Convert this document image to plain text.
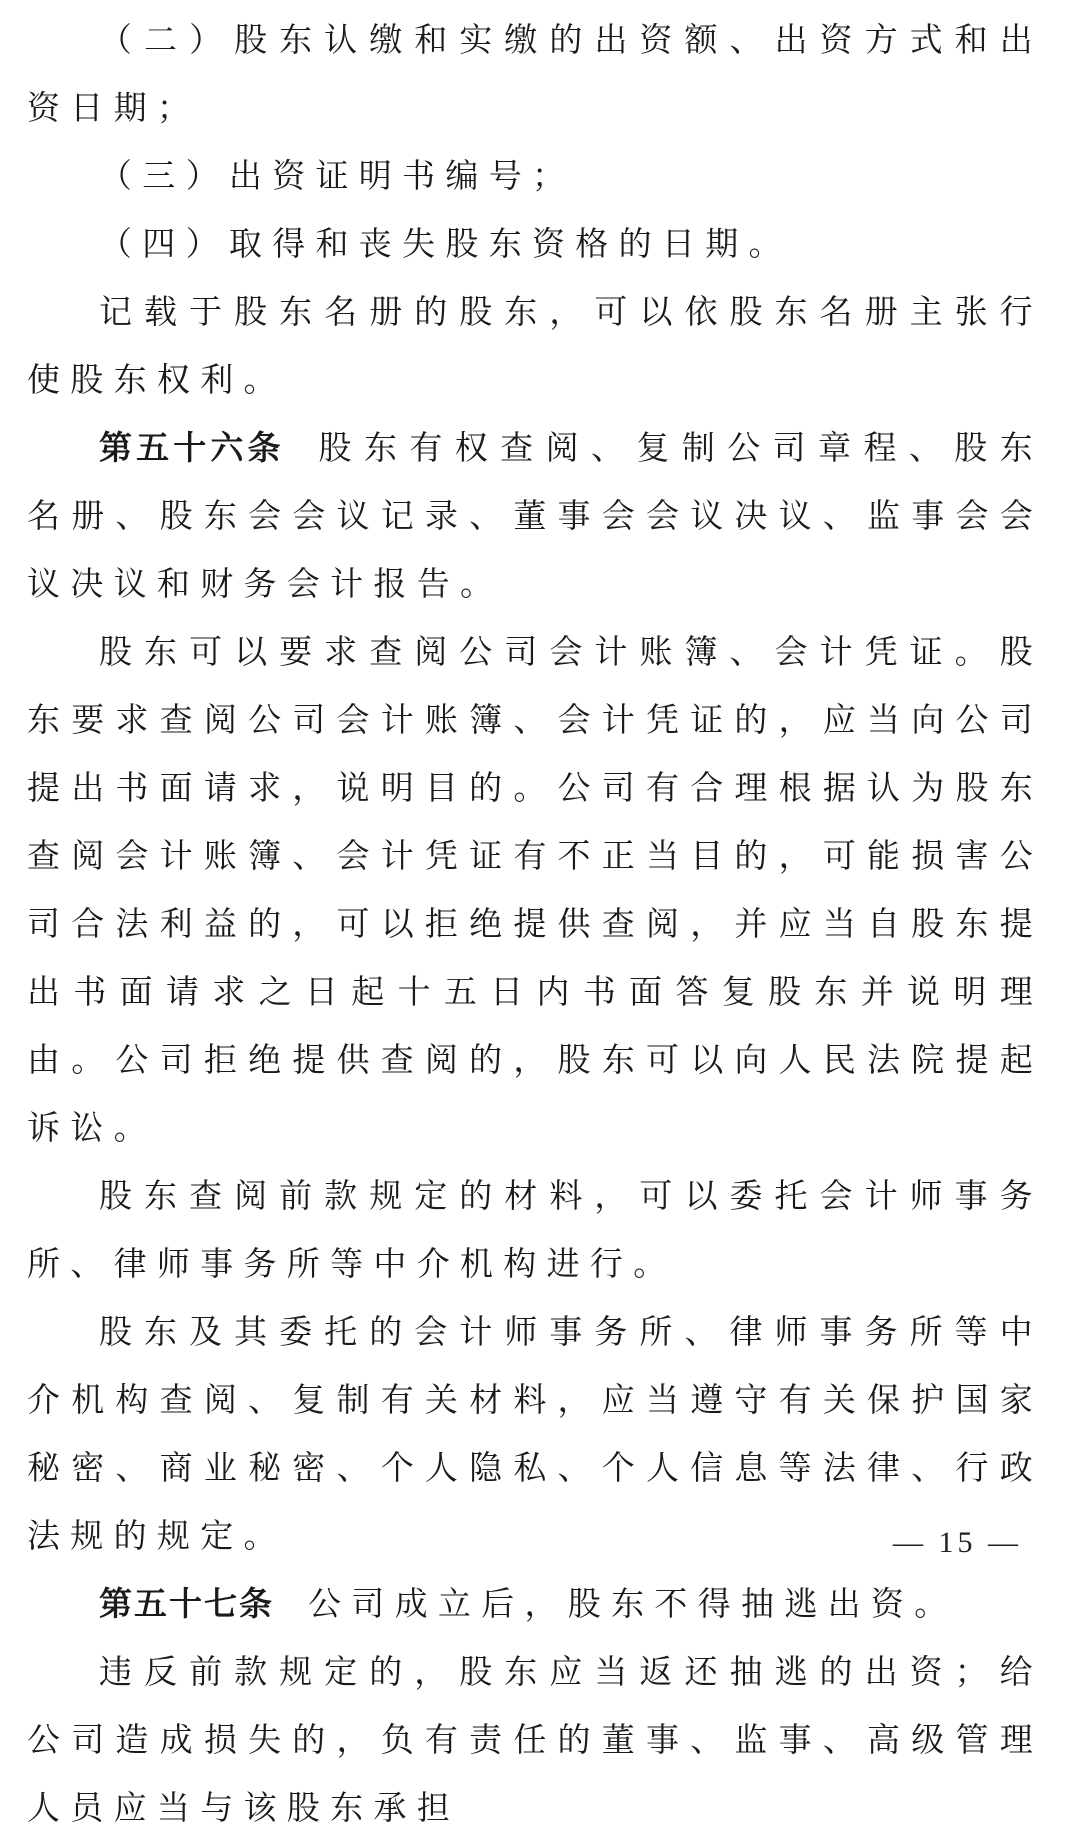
（二）股东认缴和实缴的出资额、出资方式和出资日期；

（三）出资证明书编号；

（四）取得和丧失股东资格的日期。

记载于股东名册的股东，可以依股东名册主张行使股东权利。

第五十六条 股东有权查阅、复制公司章程、股东名册、股东会会议记录、董事会会议决议、监事会会议决议和财务会计报告。

股东可以要求查阅公司会计账簿、会计凭证。股东要求查阅公司会计账簿、会计凭证的，应当向公司提出书面请求，说明目的。公司有合理根据认为股东查阅会计账簿、会计凭证有不正当目的，可能损害公司合法利益的，可以拒绝提供查阅，并应当自股东提出书面请求之日起十五日内书面答复股东并说明理由。公司拒绝提供查阅的，股东可以向人民法院提起诉讼。

股东查阅前款规定的材料，可以委托会计师事务所、律师事务所等中介机构进行。

股东及其委托的会计师事务所、律师事务所等中介机构查阅、复制有关材料，应当遵守有关保护国家秘密、商业秘密、个人隐私、个人信息等法律、行政法规的规定。

第五十七条 公司成立后，股东不得抽逃出资。

违反前款规定的，股东应当返还抽逃的出资；给公司造成损失的，负有责任的董事、监事、高级管理人员应当与该股东承担

— 15 —
